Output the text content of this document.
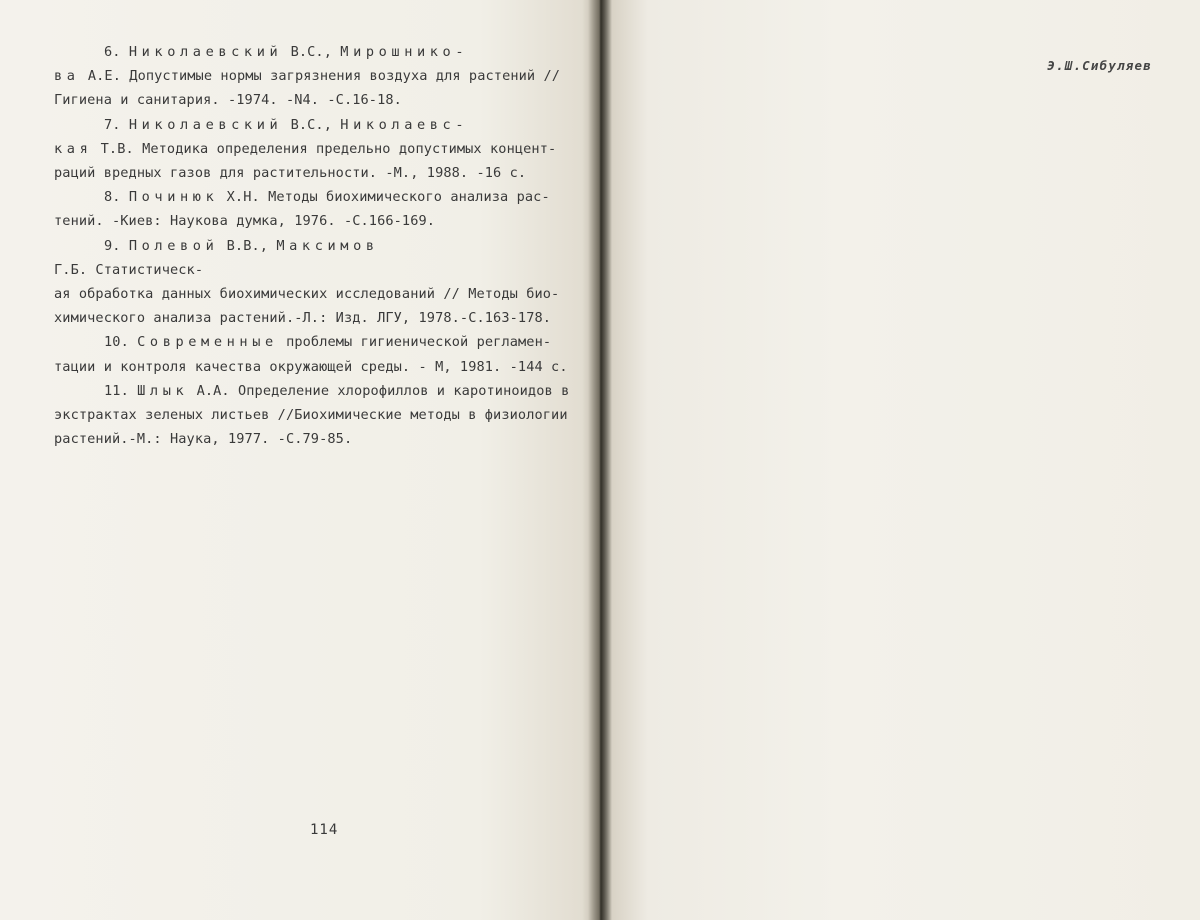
6. Николаевский В.С., Мирошнико-

ва А.Е. Допустимые нормы загрязнения воздуха для растений //

Гигиена и санитария. -1974. -N4. -С.16-18.

7. Николаевский В.С., Николаевс-

кая Т.В. Методика определения предельно допустимых концент-

раций вредных газов для растительности. -М., 1988. -16 с.

8. Починюк Х.Н. Методы биохимического анализа рас-

тений. -Киев: Наукова думка, 1976. -С.166-169.

9. Полевой В.В., Максимов

Г.Б. Статистическ-

ая обработка данных биохимических исследований // Методы био-

химического анализа растений.-Л.: Изд. ЛГУ, 1978.-С.163-178.

10. Современные проблемы гигиенической регламен-

тации и контроля качества окружающей среды. - М, 1981. -144 с.

11. Шлык А.А. Определение хлорофиллов и каротиноидов в

экстрактах зеленых листьев //Биохимические методы в физиологии

растений.-М.: Наука, 1977. -С.79-85.

114
Э.Ш.Сибуляев
